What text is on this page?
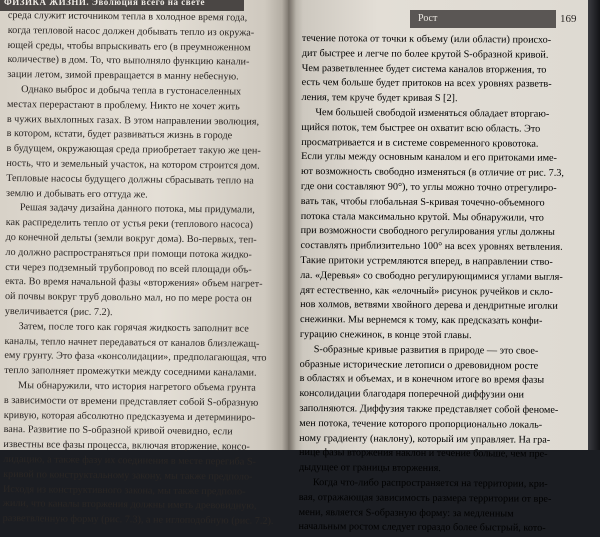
ФИЗИКА ЖИЗНИ. Эволюция всего на свете
среда служит источником тепла в холодное время года,
когда тепловой насос должен добывать тепло из окружа-
ющей среды, чтобы впрыскивать его (в преумноженном
количестве) в дом. То, что выполняло функцию канали-
зации летом, зимой превращается в манну небесную.
Однако выброс и добыча тепла в густонаселенных
местах перерастают в проблему. Никто не хочет жить
в чужих выхлопных газах. В этом направлении эволюция,
в котором, кстати, будет развиваться жизнь в городе
в будущем, окружающая среда приобретает такую же цен-
ность, что и земельный участок, на котором строится дом.
Тепловые насосы будущего должны сбрасывать тепло на
землю и добывать его оттуда же.
Решая задачу дизайна данного потока, мы придумали,
как распределить тепло от устья реки (теплового насоса)
до конечной дельты (земли вокруг дома). Во-первых, теп-
ло должно распространяться при помощи потока жидко-
сти через подземный трубопровод по всей площади объ-
екта. Во время начальной фазы «вторжения» объем нагрет-
ой почвы вокруг труб довольно мал, но по мере роста он
увеличивается (рис. 7.2).
Затем, после того как горячая жидкость заполнит все
каналы, тепло начнет передаваться от каналов близлежащ-
ему грунту. Это фаза «консолидации», предполагающая, что
тепло заполняет промежутки между соседними каналами.
Мы обнаружили, что история нагретого объема грунта
в зависимости от времени представляет собой S-образную
кривую, которая абсолютно предсказуема и детерминиро-
вана. Развитие по S-образной кривой очевидно, если
известны все фазы процесса, включая вторжение, консо-
лидацию, а также фазу их соединения в месте перегиба S-
кривой по конструктальному закону, мы также предполо-
Исходя из конструктивного закона, мы также предполо-
жили, что каналы вторжения должны иметь древовидную,
разветвленную форму (рис. 7.3), а не иглоподобную (рис. 7.2).
Рост	169
течение потока от точки к объему (или области) происхо-
дит быстрее и легче по более крутой S-образной кривой.
Чем разветвленнее будет система каналов вторжения, то
есть чем больше будет притоков на всех уровнях разветв-
ления, тем круче будет кривая S [2].
Чем большей свободой изменяться обладает вторгаю-
щийся поток, тем быстрее он охватит всю область. Это
просматривается и в системе современного кровотока.
Если углы между основным каналом и его притоками име-
ют возможность свободно изменяться (в отличие от рис. 7.3,
где они составляют 90°), то углы можно точно отрегулиро-
вать так, чтобы глобальная S-кривая точечно-объемного
потока стала максимально крутой. Мы обнаружили, что
при возможности свободного регулирования углы должны
составлять приблизительно 100° на всех уровнях ветвления.
Такие притоки устремляются вперед, в направлении ство-
ла. «Деревья» со свободно регулирующимися углами выгля-
дят естественно, как «елочный» рисунок ручейков и скло-
нов холмов, ветвями хвойного дерева и дендритные иголки
снежинки. Мы вернемся к тому, как предсказать конфи-
гурацию снежинок, в конце этой главы.
S-образные кривые развития в природе — это свое-
образные исторические летописи о древовидном росте
в областях и объемах, и в конечном итоге во время фазы
консолидации благодаря поперечной диффузии они
заполняются. Диффузия также представляет собой феноме-
мен потока, течение которого пропорционально локаль-
ному градиенту (наклону), который им управляет. На гра-
нице фазы вторжения наклон и течение больше, чем пре-
дыдущее от границы вторжения.
Когда что-либо распространяется на территории, кри-
вая, отражающая зависимость размера территории от вре-
мени, является S-образную форму: за медленным
начальным ростом следует гораздо более быстрый, кото-
